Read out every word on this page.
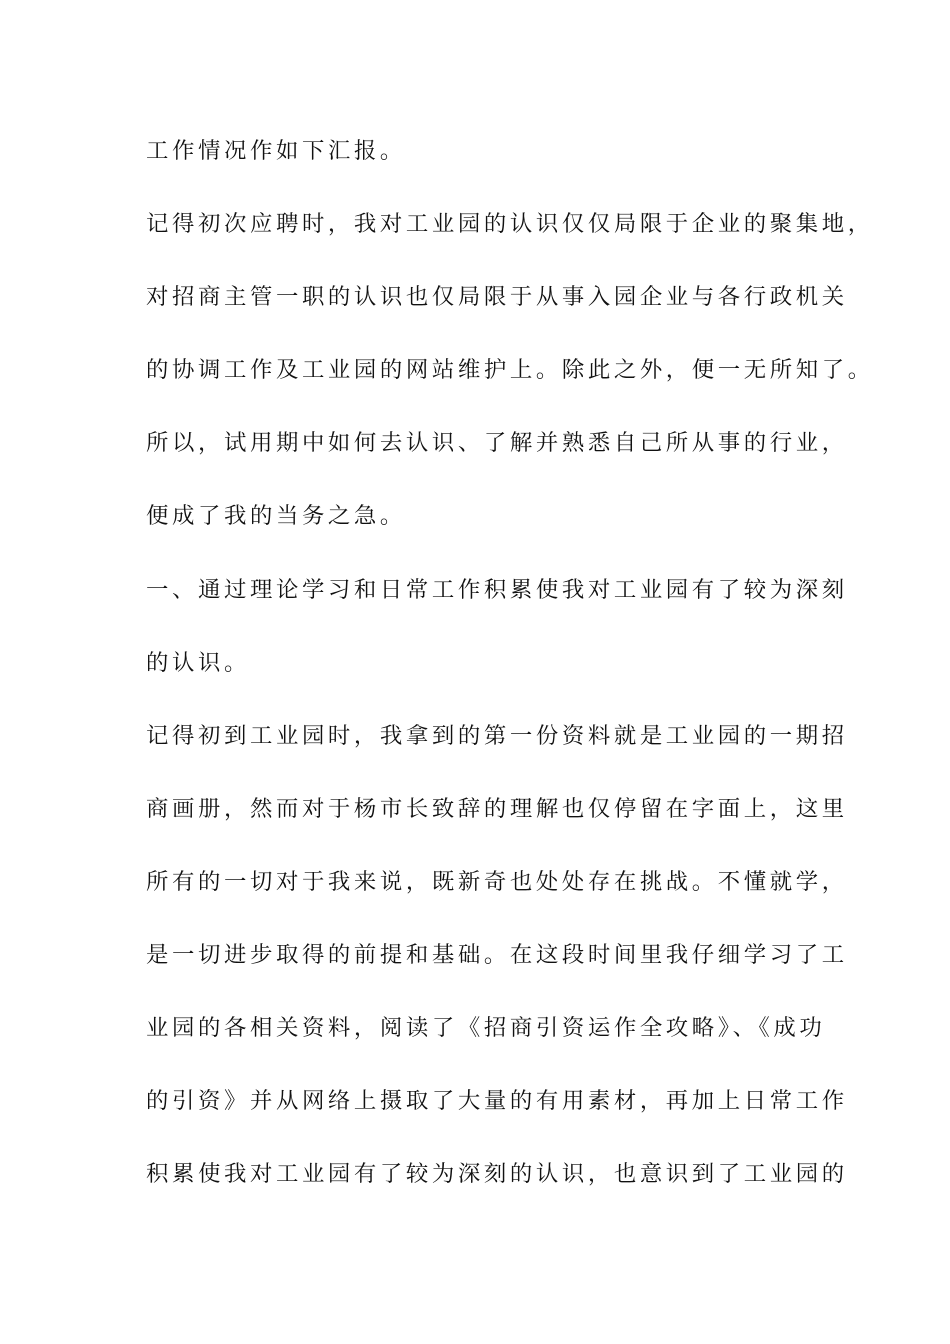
工作情况作如下汇报。
记得初次应聘时，我对工业园的认识仅仅局限于企业的聚集地，
对招商主管一职的认识也仅局限于从事入园企业与各行政机关
的协调工作及工业园的网站维护上。除此之外，便一无所知了。
所以，试用期中如何去认识、了解并熟悉自己所从事的行业，
便成了我的当务之急。
一、通过理论学习和日常工作积累使我对工业园有了较为深刻
的认识。
记得初到工业园时，我拿到的第一份资料就是工业园的一期招
商画册，然而对于杨市长致辞的理解也仅停留在字面上，这里
所有的一切对于我来说，既新奇也处处存在挑战。不懂就学，
是一切进步取得的前提和基础。在这段时间里我仔细学习了工
业园的各相关资料，阅读了《招商引资运作全攻略》、《成功
的引资》并从网络上摄取了大量的有用素材，再加上日常工作
积累使我对工业园有了较为深刻的认识，也意识到了工业园的
